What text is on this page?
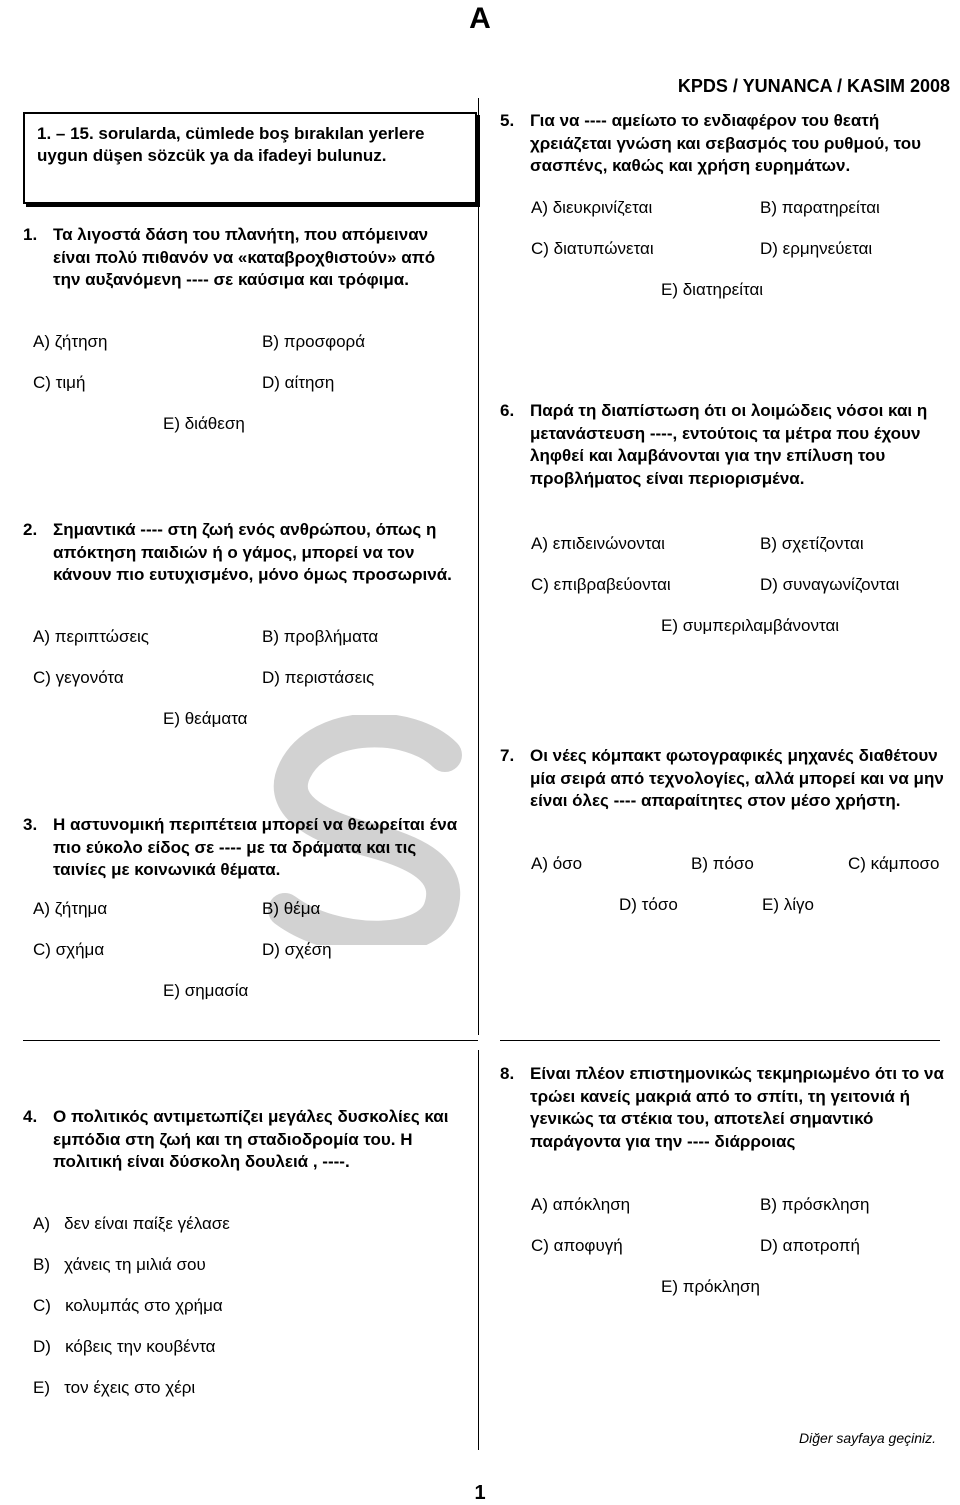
A
KPDS / YUNANCA / KASIM 2008
1. – 15. sorularda, cümlede boş bırakılan yerlere uygun düşen sözcük ya da ifadeyi bulunuz.
1. Τα λιγοστά δάση του πλανήτη, που απόμειναν είναι πολύ πιθανόν να «καταβροχθιστούν» από την αυξανόμενη ---- σε καύσιμα και τρόφιμα.
A) ζήτηση	B) προσφορά
C) τιμή	D) αίτηση
E) διάθεση
2. Σημαντικά ---- στη ζωή ενός ανθρώπου, όπως η απόκτηση παιδιών ή ο γάμος, μπορεί να τον κάνουν πιο ευτυχισμένο, μόνο όμως προσωρινά.
A) περιπτώσεις	B) προβλήματα
C) γεγονότα	D) περιστάσεις
E) θεάματα
3. Η αστυνομική περιπέτεια μπορεί να θεωρείται ένα πιο εύκολο είδος σε ---- με τα δράματα και τις ταινίες με κοινωνικά θέματα.
A) ζήτημα	B) θέμα
C) σχήμα	D) σχέση
E) σημασία
4. Ο πολιτικός αντιμετωπίζει μεγάλες δυσκολίες και εμπόδια στη ζωή και τη σταδιοδρομία του. Η πολιτική είναι δύσκολη δουλειά , ----.
A)   δεν είναι παίξε γέλασε
B)   χάνεις τη μιλιά σου
C)   κολυμπάς στο χρήμα
D)   κόβεις την κουβέντα
E)   τον έχεις στο χέρι
5. Για να ---- αμείωτο το ενδιαφέρον του θεατή χρειάζεται γνώση και σεβασμός του ρυθμού, του σασπένς, καθώς και χρήση ευρημάτων.
A) διευκρινίζεται	B) παρατηρείται
C) διατυπώνεται	D) ερμηνεύεται
E) διατηρείται
6. Παρά τη διαπίστωση ότι οι λοιμώδεις νόσοι και η μετανάστευση ----, εντούτοις τα μέτρα που έχουν ληφθεί και λαμβάνονται για την επίλυση του προβλήματος είναι περιορισμένα.
A) επιδεινώνονται	B) σχετίζονται
C) επιβραβεύονται	D) συναγωνίζονται
E) συμπεριλαμβάνονται
7. Οι νέες κόμπακτ φωτογραφικές μηχανές διαθέτουν μία σειρά από τεχνολογίες, αλλά μπορεί και να μην είναι όλες ---- απαραίτητες στον μέσο χρήστη.
A) όσο	B) πόσο	C) κάμποσο
D) τόσο	E) λίγο
8. Είναι πλέον επιστημονικώς τεκμηριωμένο ότι το να τρώει κανείς μακριά από το σπίτι, τη γειτονιά ή γενικώς τα στέκια του, αποτελεί σημαντικό παράγοντα για την ---- διάρροιας
A) απόκληση	B) πρόσκληση
C) αποφυγή	D) αποτροπή
E) πρόκληση
Diğer sayfaya geçiniz.
1
